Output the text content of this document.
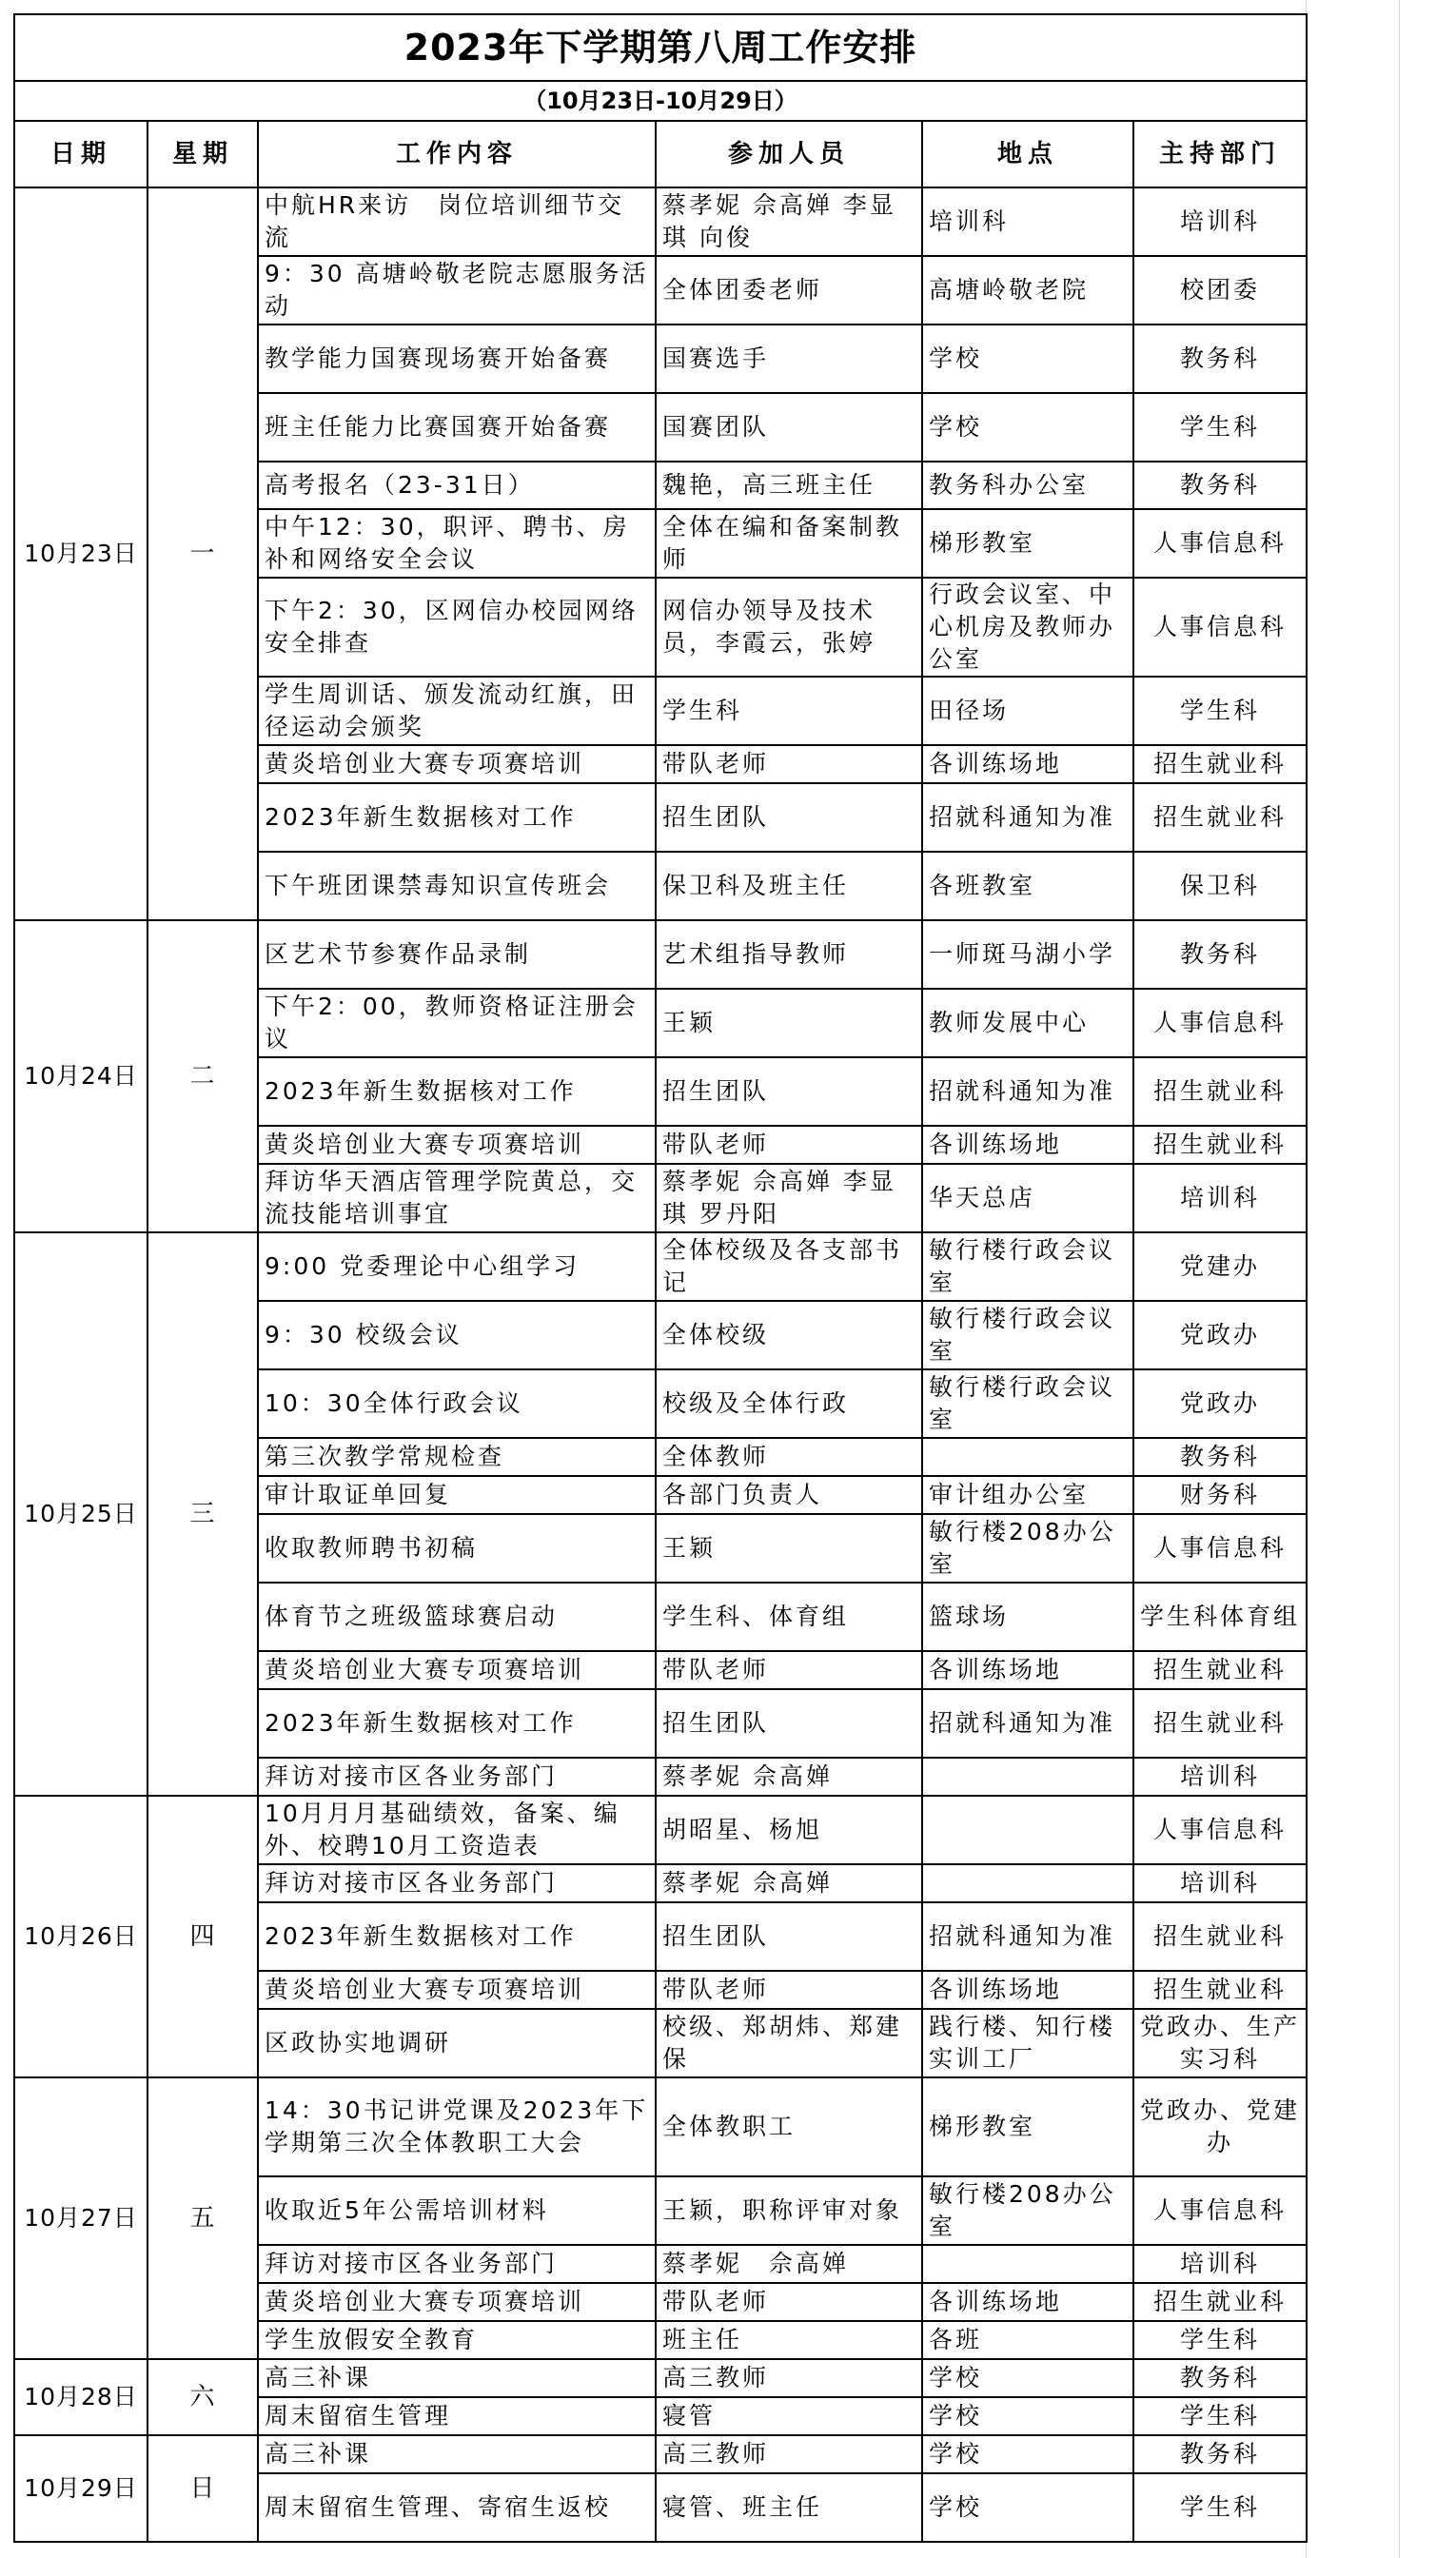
2023年下学期第八周工作安排					
（10月23日-10月29日）					
日期	星期	工作内容	参加人员	地点	主持部门
10月23日	一	中航HR来访　岗位培训细节交流	蔡孝妮 佘高婵 李显琪 向俊	培训科	培训科
		9：30 高塘岭敬老院志愿服务活动	全体团委老师	高塘岭敬老院	校团委
		教学能力国赛现场赛开始备赛	国赛选手	学校	教务科
		班主任能力比赛国赛开始备赛	国赛团队	学校	学生科
		高考报名（23-31日）	魏艳，高三班主任	教务科办公室	教务科
		中午12：30，职评、聘书、房补和网络安全会议	全体在编和备案制教师	梯形教室	人事信息科
		下午2：30，区网信办校园网络安全排查	网信办领导及技术员，李霞云，张婷	行政会议室、中心机房及教师办公室	人事信息科
		学生周训话、颁发流动红旗，田径运动会颁奖	学生科	田径场	学生科
		黄炎培创业大赛专项赛培训	带队老师	各训练场地	招生就业科
		2023年新生数据核对工作	招生团队	招就科通知为准	招生就业科
		下午班团课禁毒知识宣传班会	保卫科及班主任	各班教室	保卫科
10月24日	二	区艺术节参赛作品录制	艺术组指导教师	一师斑马湖小学	教务科
		下午2：00，教师资格证注册会议	王颖	教师发展中心	人事信息科
		2023年新生数据核对工作	招生团队	招就科通知为准	招生就业科
		黄炎培创业大赛专项赛培训	带队老师	各训练场地	招生就业科
		拜访华天酒店管理学院黄总，交流技能培训事宜	蔡孝妮 佘高婵 李显琪 罗丹阳	华天总店	培训科
10月25日	三	9:00 党委理论中心组学习	全体校级及各支部书记	敏行楼行政会议室	党建办
		9：30 校级会议	全体校级	敏行楼行政会议室	党政办
		10：30全体行政会议	校级及全体行政	敏行楼行政会议室	党政办
		第三次教学常规检查	全体教师		教务科
		审计取证单回复	各部门负责人	审计组办公室	财务科
		收取教师聘书初稿	王颖	敏行楼208办公室	人事信息科
		体育节之班级篮球赛启动	学生科、体育组	篮球场	学生科体育组
		黄炎培创业大赛专项赛培训	带队老师	各训练场地	招生就业科
		2023年新生数据核对工作	招生团队	招就科通知为准	招生就业科
		拜访对接市区各业务部门	蔡孝妮 佘高婵		培训科
10月26日	四	10月月月基础绩效，备案、编外、校聘10月工资造表	胡昭星、杨旭		人事信息科
		拜访对接市区各业务部门	蔡孝妮 佘高婵		培训科
		2023年新生数据核对工作	招生团队	招就科通知为准	招生就业科
		黄炎培创业大赛专项赛培训	带队老师	各训练场地	招生就业科
		区政协实地调研	校级、郑胡炜、郑建保	践行楼、知行楼实训工厂	党政办、生产实习科
10月27日	五	14：30书记讲党课及2023年下学期第三次全体教职工大会	全体教职工	梯形教室	党政办、党建办
		收取近5年公需培训材料	王颖，职称评审对象	敏行楼208办公室	人事信息科
		拜访对接市区各业务部门	蔡孝妮　佘高婵		培训科
		黄炎培创业大赛专项赛培训	带队老师	各训练场地	招生就业科
		学生放假安全教育	班主任	各班	学生科
10月28日	六	高三补课	高三教师	学校	教务科
		周末留宿生管理	寝管	学校	学生科
10月29日	日	高三补课	高三教师	学校	教务科
		周末留宿生管理、寄宿生返校	寝管、班主任	学校	学生科
